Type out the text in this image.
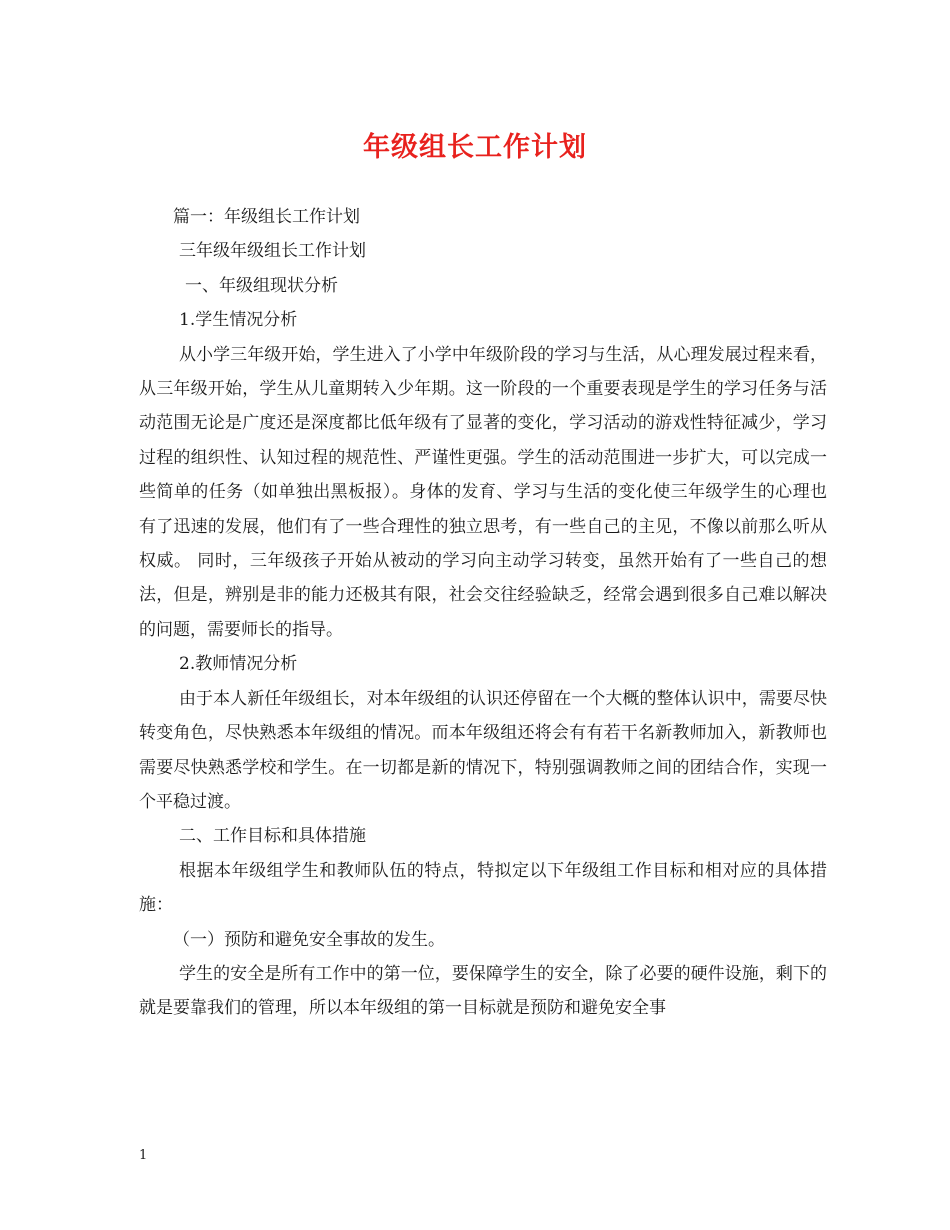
年级组长工作计划

篇一：年级组长工作计划

三年级年级组长工作计划

一、年级组现状分析

1.学生情况分析

从小学三年级开始，学生进入了小学中年级阶段的学习与生活，从心理发展过程来看，从三年级开始，学生从儿童期转入少年期。这一阶段的一个重要表现是学生的学习任务与活动范围无论是广度还是深度都比低年级有了显著的变化，学习活动的游戏性特征减少，学习过程的组织性、认知过程的规范性、严谨性更强。学生的活动范围进一步扩大，可以完成一些简单的任务（如单独出黑板报）。身体的发育、学习与生活的变化使三年级学生的心理也有了迅速的发展，他们有了一些合理性的独立思考，有一些自己的主见，不像以前那么听从权威。 同时，三年级孩子开始从被动的学习向主动学习转变，虽然开始有了一些自己的想法，但是，辨别是非的能力还极其有限，社会交往经验缺乏，经常会遇到很多自己难以解决的问题，需要师长的指导。

2.教师情况分析

由于本人新任年级组长，对本年级组的认识还停留在一个大概的整体认识中，需要尽快转变角色，尽快熟悉本年级组的情况。而本年级组还将会有有若干名新教师加入，新教师也需要尽快熟悉学校和学生。在一切都是新的情况下，特别强调教师之间的团结合作，实现一个平稳过渡。

二、工作目标和具体措施

根据本年级组学生和教师队伍的特点，特拟定以下年级组工作目标和相对应的具体措施：

（一）预防和避免安全事故的发生。

学生的安全是所有工作中的第一位，要保障学生的安全，除了必要的硬件设施，剩下的就是要靠我们的管理，所以本年级组的第一目标就是预防和避免安全事

1
